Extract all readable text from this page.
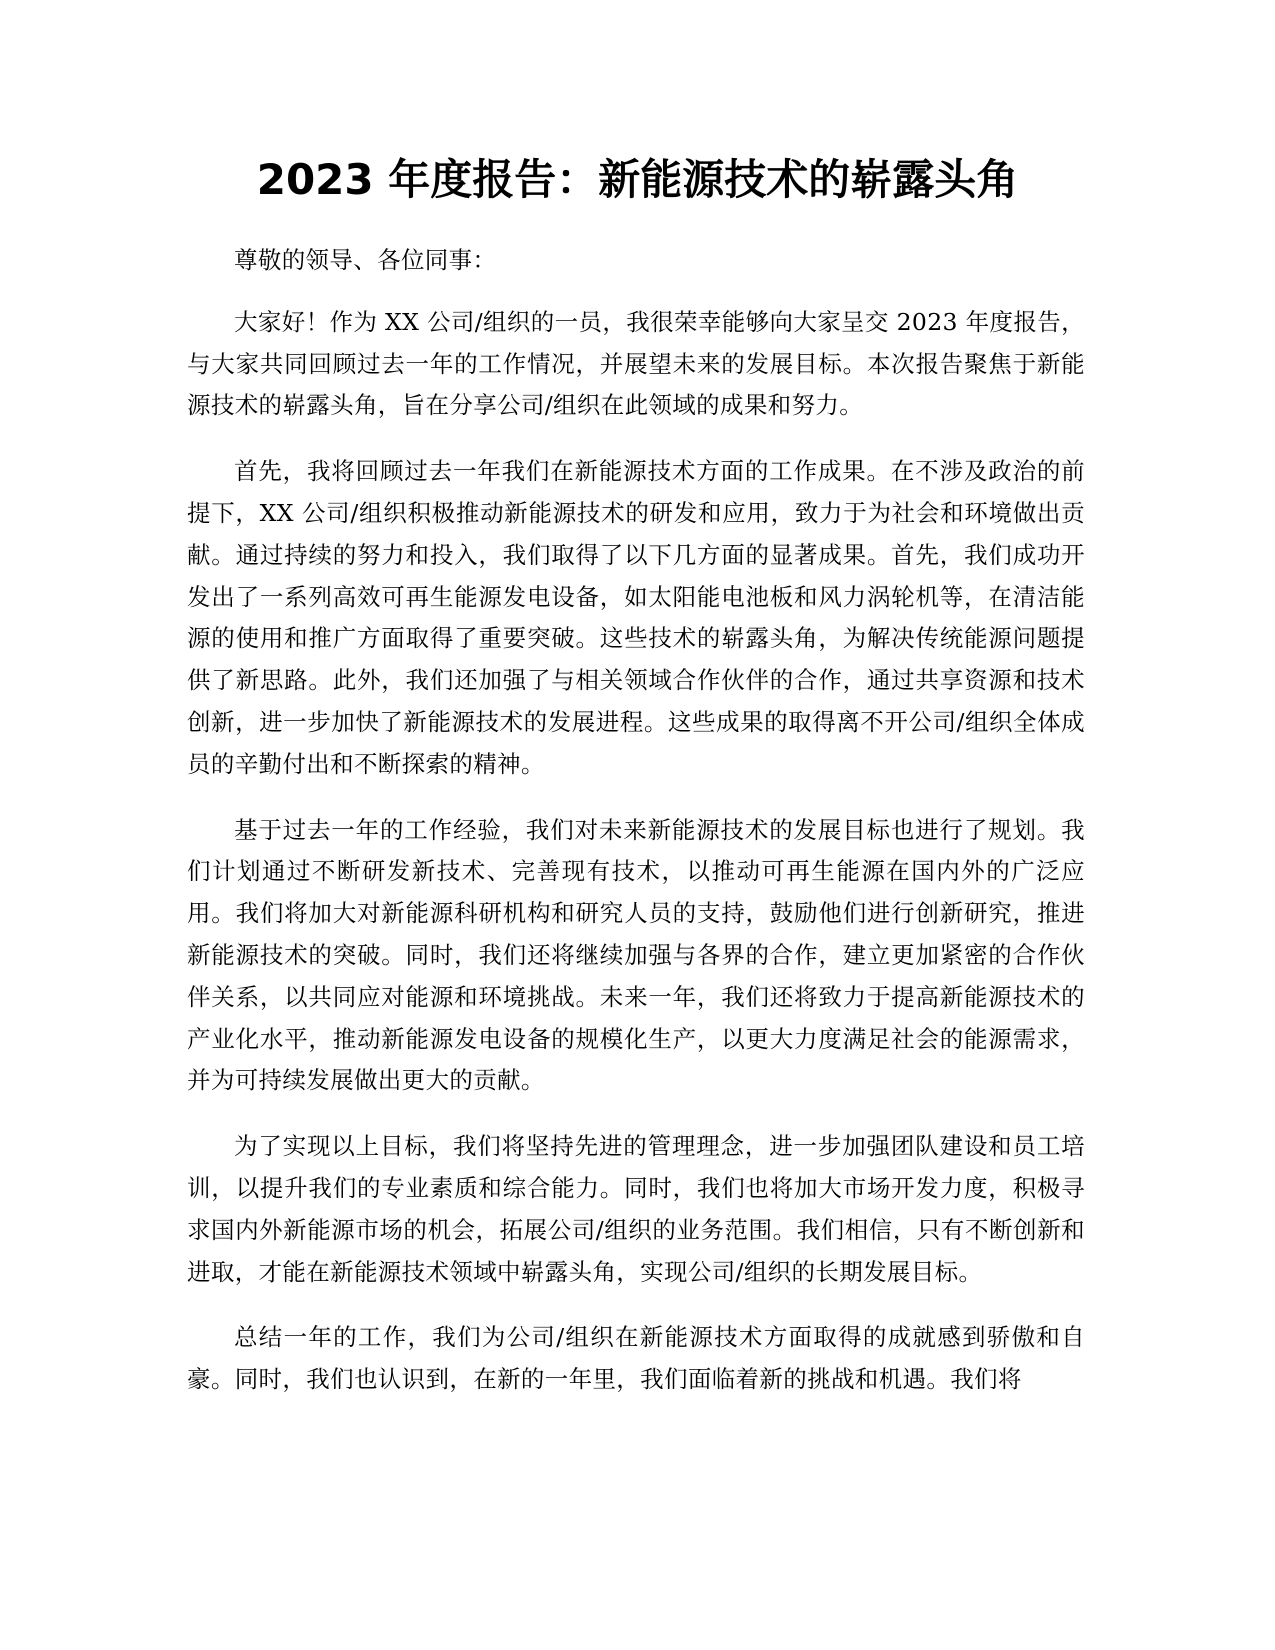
2023 年度报告：新能源技术的崭露头角

尊敬的领导、各位同事：

大家好！作为 XX 公司/组织的一员，我很荣幸能够向大家呈交 2023 年度报告，与大家共同回顾过去一年的工作情况，并展望未来的发展目标。本次报告聚焦于新能源技术的崭露头角，旨在分享公司/组织在此领域的成果和努力。

首先，我将回顾过去一年我们在新能源技术方面的工作成果。在不涉及政治的前提下，XX 公司/组织积极推动新能源技术的研发和应用，致力于为社会和环境做出贡献。通过持续的努力和投入，我们取得了以下几方面的显著成果。首先，我们成功开发出了一系列高效可再生能源发电设备，如太阳能电池板和风力涡轮机等，在清洁能源的使用和推广方面取得了重要突破。这些技术的崭露头角，为解决传统能源问题提供了新思路。此外，我们还加强了与相关领域合作伙伴的合作，通过共享资源和技术创新，进一步加快了新能源技术的发展进程。这些成果的取得离不开公司/组织全体成员的辛勤付出和不断探索的精神。

基于过去一年的工作经验，我们对未来新能源技术的发展目标也进行了规划。我们计划通过不断研发新技术、完善现有技术，以推动可再生能源在国内外的广泛应用。我们将加大对新能源科研机构和研究人员的支持，鼓励他们进行创新研究，推进新能源技术的突破。同时，我们还将继续加强与各界的合作，建立更加紧密的合作伙伴关系，以共同应对能源和环境挑战。未来一年，我们还将致力于提高新能源技术的产业化水平，推动新能源发电设备的规模化生产，以更大力度满足社会的能源需求，并为可持续发展做出更大的贡献。

为了实现以上目标，我们将坚持先进的管理理念，进一步加强团队建设和员工培训，以提升我们的专业素质和综合能力。同时，我们也将加大市场开发力度，积极寻求国内外新能源市场的机会，拓展公司/组织的业务范围。我们相信，只有不断创新和进取，才能在新能源技术领域中崭露头角，实现公司/组织的长期发展目标。

总结一年的工作，我们为公司/组织在新能源技术方面取得的成就感到骄傲和自豪。同时，我们也认识到，在新的一年里，我们面临着新的挑战和机遇。我们将
